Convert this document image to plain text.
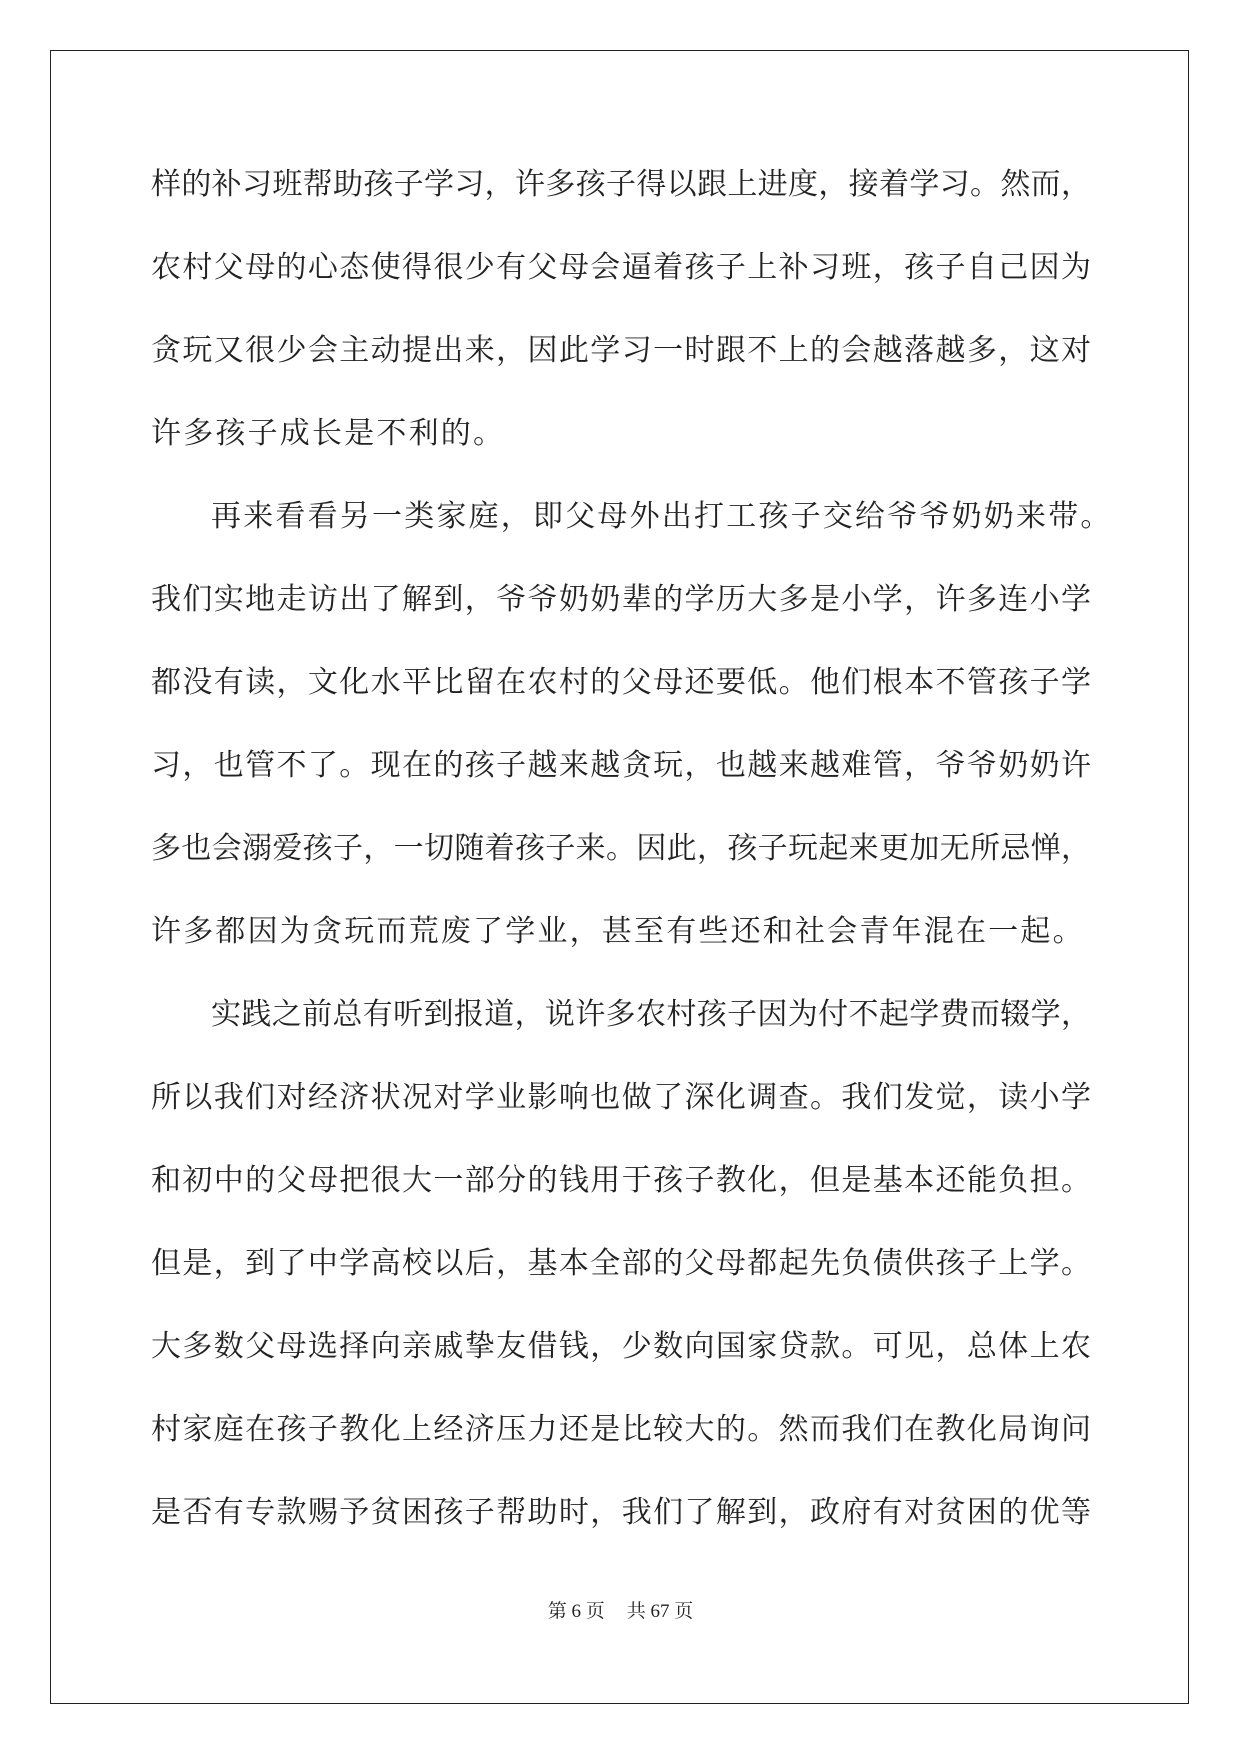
样的补习班帮助孩子学习，许多孩子得以跟上进度，接着学习。然而，
农村父母的心态使得很少有父母会逼着孩子上补习班，孩子自己因为
贪玩又很少会主动提出来，因此学习一时跟不上的会越落越多，这对
许多孩子成长是不利的。
再来看看另一类家庭，即父母外出打工孩子交给爷爷奶奶来带。
我们实地走访出了解到，爷爷奶奶辈的学历大多是小学，许多连小学
都没有读，文化水平比留在农村的父母还要低。他们根本不管孩子学
习，也管不了。现在的孩子越来越贪玩，也越来越难管，爷爷奶奶许
多也会溺爱孩子，一切随着孩子来。因此，孩子玩起来更加无所忌惮，
许多都因为贪玩而荒废了学业，甚至有些还和社会青年混在一起。
实践之前总有听到报道，说许多农村孩子因为付不起学费而辍学，
所以我们对经济状况对学业影响也做了深化调查。我们发觉，读小学
和初中的父母把很大一部分的钱用于孩子教化，但是基本还能负担。
但是，到了中学高校以后，基本全部的父母都起先负债供孩子上学。
大多数父母选择向亲戚挚友借钱，少数向国家贷款。可见，总体上农
村家庭在孩子教化上经济压力还是比较大的。然而我们在教化局询问
是否有专款赐予贫困孩子帮助时，我们了解到，政府有对贫困的优等
第 6 页 共 67 页
